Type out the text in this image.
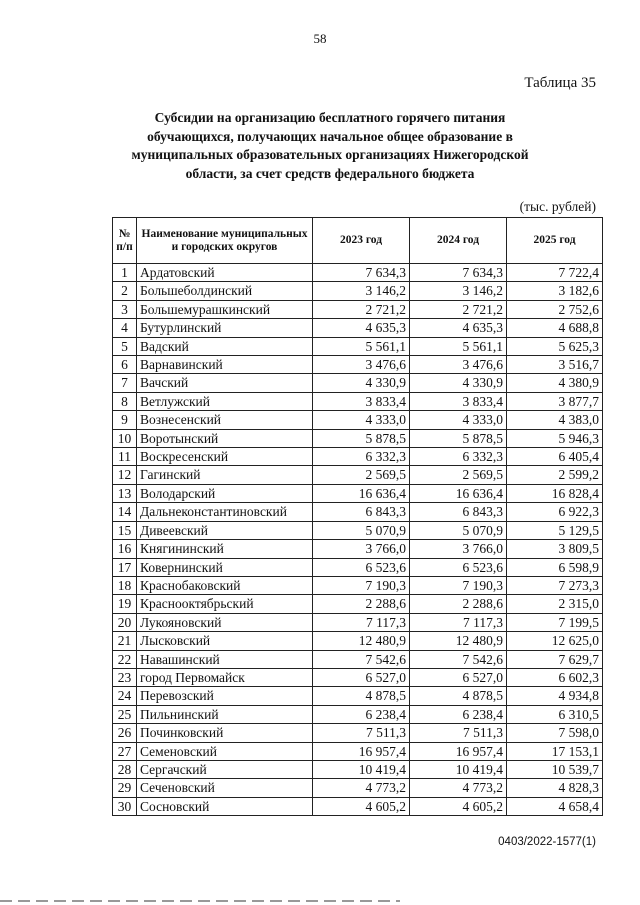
58
Таблица 35
Субсидии на организацию бесплатного горячего питания
обучающихся, получающих начальное общее образование в
муниципальных образовательных организациях Нижегородской
области, за счет средств федерального бюджета
(тыс. рублей)
№ п/п	Наименование муниципальных и городских округов	2023 год	2024 год	2025 год
1	Ардатовский	7 634,3	7 634,3	7 722,4
2	Большеболдинский	3 146,2	3 146,2	3 182,6
3	Большемурашкинский	2 721,2	2 721,2	2 752,6
4	Бутурлинский	4 635,3	4 635,3	4 688,8
5	Вадский	5 561,1	5 561,1	5 625,3
6	Варнавинский	3 476,6	3 476,6	3 516,7
7	Вачский	4 330,9	4 330,9	4 380,9
8	Ветлужский	3 833,4	3 833,4	3 877,7
9	Вознесенский	4 333,0	4 333,0	4 383,0
10	Воротынский	5 878,5	5 878,5	5 946,3
11	Воскресенский	6 332,3	6 332,3	6 405,4
12	Гагинский	2 569,5	2 569,5	2 599,2
13	Володарский	16 636,4	16 636,4	16 828,4
14	Дальнеконстантиновский	6 843,3	6 843,3	6 922,3
15	Дивеевский	5 070,9	5 070,9	5 129,5
16	Княгининский	3 766,0	3 766,0	3 809,5
17	Ковернинский	6 523,6	6 523,6	6 598,9
18	Краснобаковский	7 190,3	7 190,3	7 273,3
19	Краснооктябрьский	2 288,6	2 288,6	2 315,0
20	Лукояновский	7 117,3	7 117,3	7 199,5
21	Лысковский	12 480,9	12 480,9	12 625,0
22	Навашинский	7 542,6	7 542,6	7 629,7
23	город Первомайск	6 527,0	6 527,0	6 602,3
24	Перевозский	4 878,5	4 878,5	4 934,8
25	Пильнинский	6 238,4	6 238,4	6 310,5
26	Починковский	7 511,3	7 511,3	7 598,0
27	Семеновский	16 957,4	16 957,4	17 153,1
28	Сергачский	10 419,4	10 419,4	10 539,7
29	Сеченовский	4 773,2	4 773,2	4 828,3
30	Сосновский	4 605,2	4 605,2	4 658,4
0403/2022-1577(1)
